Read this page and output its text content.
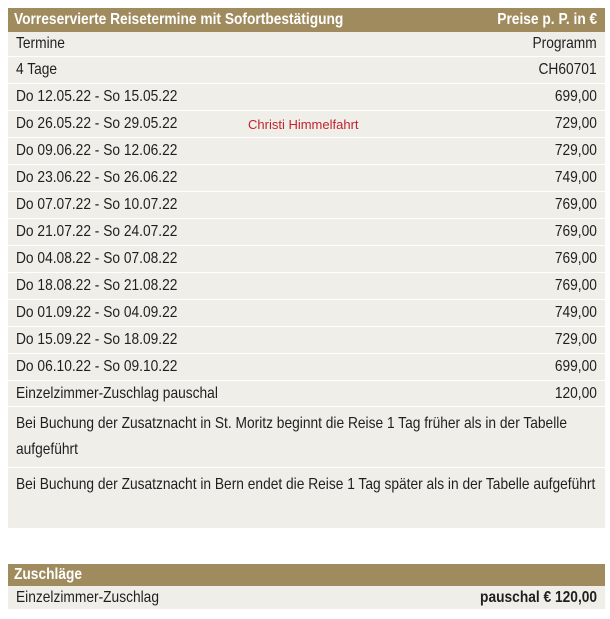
Vorreservierte Reisetermine mit Sofortbestätigung	Preise p. P. in €
Termine	Programm
4 Tage	CH60701
Do 12.05.22 - So 15.05.22	699,00
Do 26.05.22 - So 29.05.22	Christi Himmelfahrt	729,00
Do 09.06.22 - So 12.06.22	729,00
Do 23.06.22 - So 26.06.22	749,00
Do 07.07.22 - So 10.07.22	769,00
Do 21.07.22 - So 24.07.22	769,00
Do 04.08.22 - So 07.08.22	769,00
Do 18.08.22 - So 21.08.22	769,00
Do 01.09.22 - So 04.09.22	749,00
Do 15.09.22 - So 18.09.22	729,00
Do 06.10.22 - So 09.10.22	699,00
Einzelzimmer-Zuschlag pauschal	120,00
Bei Buchung der Zusatznacht in St. Moritz beginnt die Reise 1 Tag früher als in der Tabelle aufgeführt
Bei Buchung der Zusatznacht in Bern endet die Reise 1 Tag später als in der Tabelle aufgeführt
Zuschläge
Einzelzimmer-Zuschlag	pauschal € 120,00
